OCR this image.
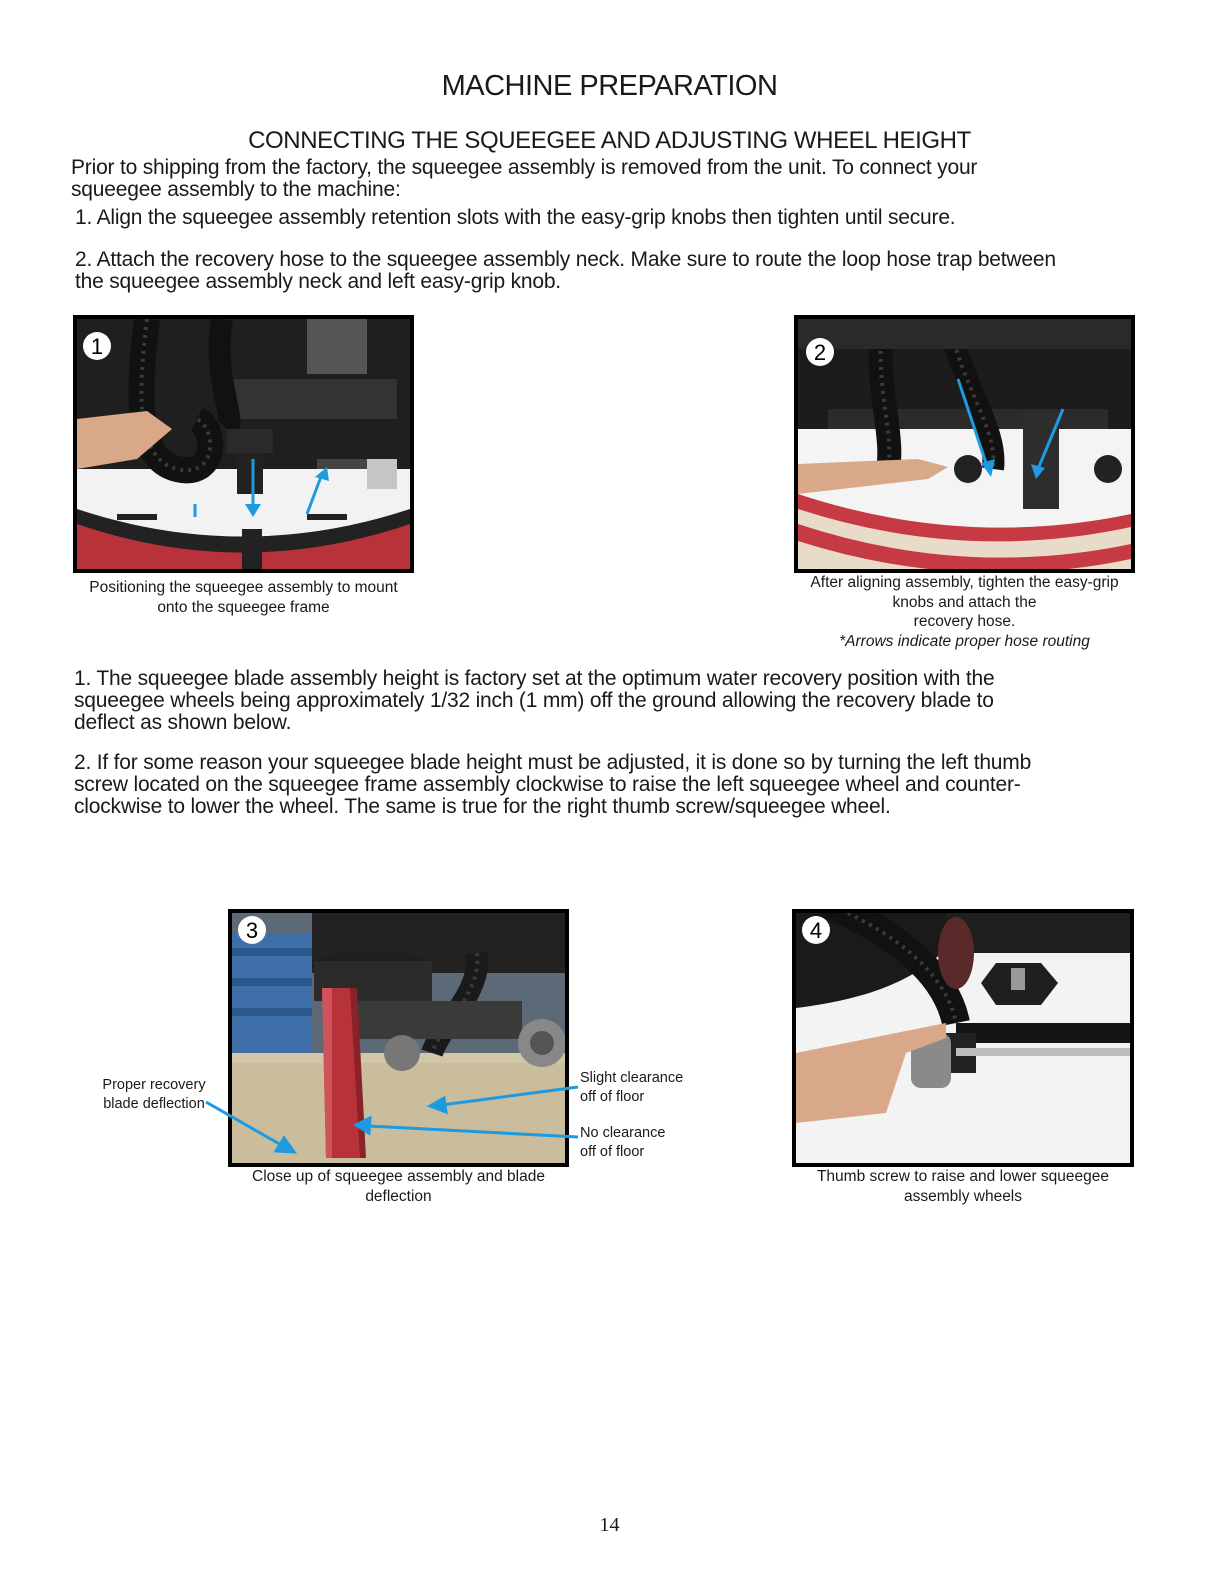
MACHINE PREPARATION
CONNECTING THE SQUEEGEE AND ADJUSTING WHEEL HEIGHT
Prior to shipping from the factory, the squeegee assembly is removed from the unit. To connect your
squeegee assembly to the machine:
1. Align the squeegee assembly retention slots with the easy-grip knobs then tighten until secure.
2. Attach the recovery hose to the squeegee assembly neck. Make sure to route the loop hose trap between
the squeegee assembly neck and left easy-grip knob.
1
Positioning the squeegee assembly to mount
onto the squeegee frame
2
After aligning assembly, tighten the easy-grip
knobs and attach the
recovery hose.
*Arrows indicate proper hose routing
1. The squeegee blade assembly height is factory set at the optimum water recovery position with the
squeegee wheels being approximately 1/32 inch (1 mm) off the ground allowing the recovery blade to
deflect as shown below.
2. If for some reason your squeegee blade height must be adjusted, it is done so by turning the left thumb
screw located on the squeegee frame assembly clockwise to raise the left squeegee wheel and counter-
clockwise to lower the wheel. The same is true for the right thumb screw/squeegee wheel.
3
Close up of squeegee assembly and blade
deflection
Proper recovery
blade deflection
Slight clearance
off of floor
No clearance
off of floor
4
Thumb screw to raise and lower squeegee
assembly wheels
14
